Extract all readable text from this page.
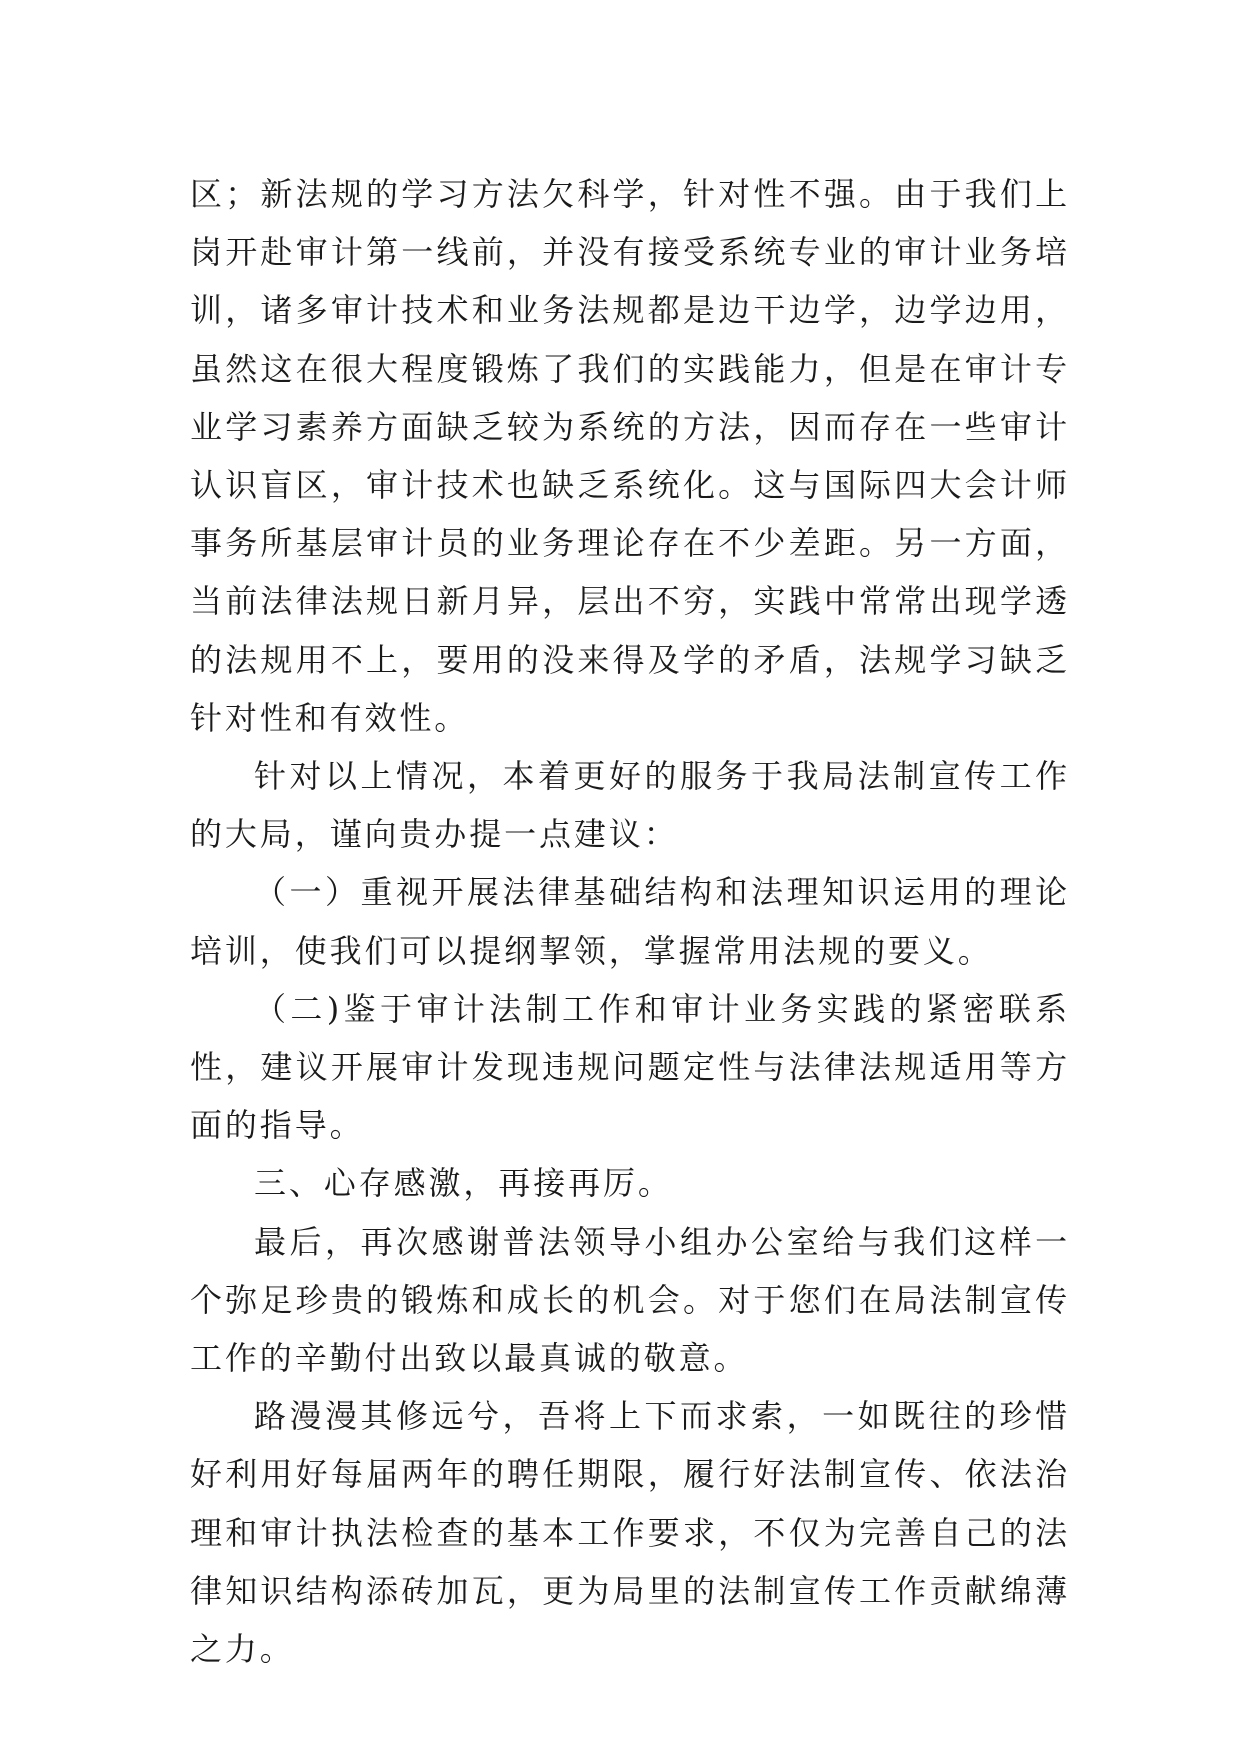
区；新法规的学习方法欠科学，针对性不强。由于我们上岗开赴审计第一线前，并没有接受系统专业的审计业务培训，诸多审计技术和业务法规都是边干边学，边学边用，虽然这在很大程度锻炼了我们的实践能力，但是在审计专业学习素养方面缺乏较为系统的方法，因而存在一些审计认识盲区，审计技术也缺乏系统化。这与国际四大会计师事务所基层审计员的业务理论存在不少差距。另一方面，当前法律法规日新月异，层出不穷，实践中常常出现学透的法规用不上，要用的没来得及学的矛盾，法规学习缺乏针对性和有效性。

针对以上情况，本着更好的服务于我局法制宣传工作的大局，谨向贵办提一点建议：

（一）重视开展法律基础结构和法理知识运用的理论培训，使我们可以提纲挈领，掌握常用法规的要义。

（二)鉴于审计法制工作和审计业务实践的紧密联系性，建议开展审计发现违规问题定性与法律法规适用等方面的指导。

三、心存感激，再接再厉。

最后，再次感谢普法领导小组办公室给与我们这样一个弥足珍贵的锻炼和成长的机会。对于您们在局法制宣传工作的辛勤付出致以最真诚的敬意。

路漫漫其修远兮，吾将上下而求索，一如既往的珍惜好利用好每届两年的聘任期限，履行好法制宣传、依法治理和审计执法检查的基本工作要求，不仅为完善自己的法律知识结构添砖加瓦，更为局里的法制宣传工作贡献绵薄之力。
